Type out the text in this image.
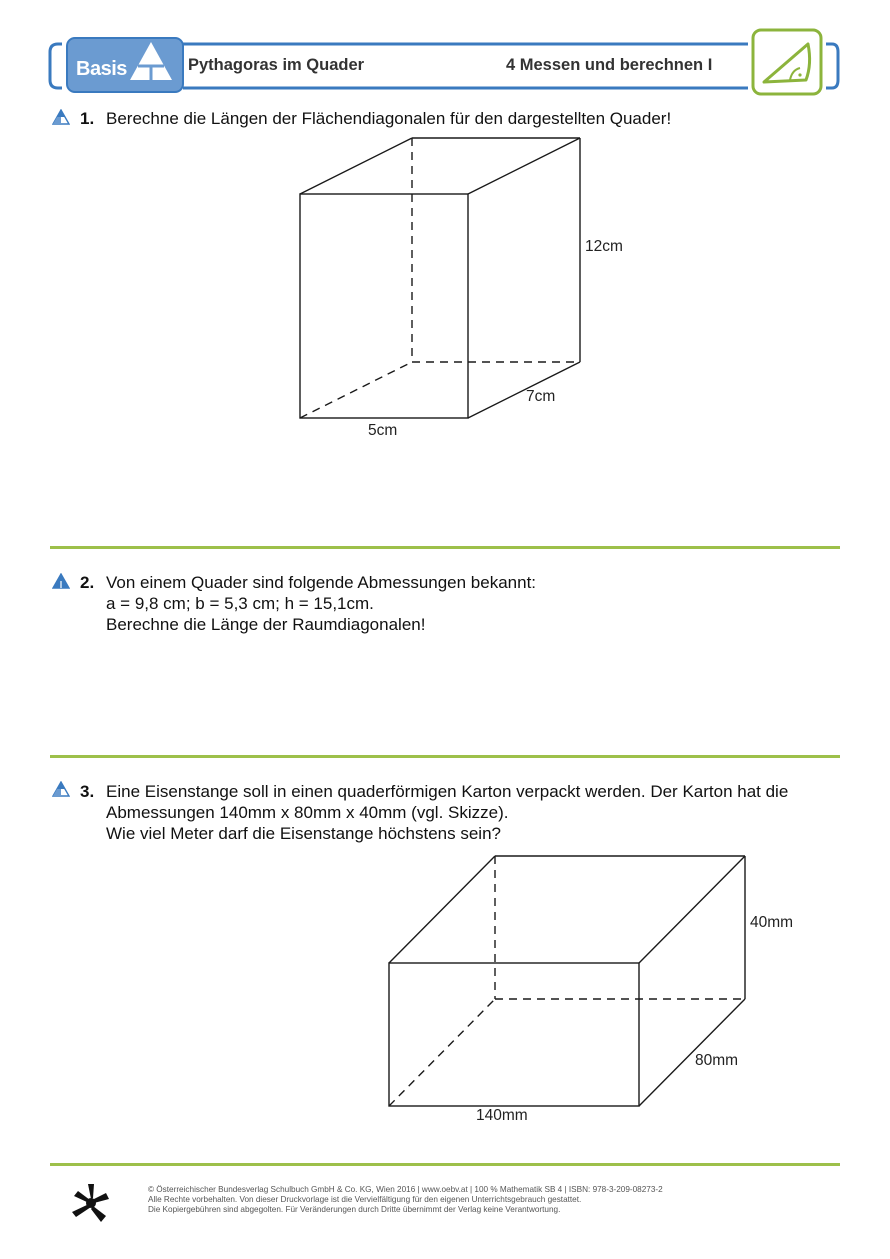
Basis	Pythagoras im Quader	4 Messen und berechnen I
1. Berechne die Längen der Flächendiagonalen für den dargestellten Quader!
12cm
7cm
5cm
2. Von einem Quader sind folgende Abmessungen bekannt:
a = 9,8 cm; b = 5,3 cm; h = 15,1cm.
Berechne die Länge der Raumdiagonalen!
3. Eine Eisenstange soll in einen quaderförmigen Karton verpackt werden. Der Karton hat die
Abmessungen 140mm x 80mm x 40mm (vgl. Skizze).
Wie viel Meter darf die Eisenstange höchstens sein?
40mm
80mm
140mm
© Österreichischer Bundesverlag Schulbuch GmbH & Co. KG, Wien 2016 | www.oebv.at | 100 % Mathematik SB 4 | ISBN: 978-3-209-08273-2
Alle Rechte vorbehalten. Von dieser Druckvorlage ist die Vervielfältigung für den eigenen Unterrichtsgebrauch gestattet.
Die Kopiergebühren sind abgegolten. Für Veränderungen durch Dritte übernimmt der Verlag keine Verantwortung.
